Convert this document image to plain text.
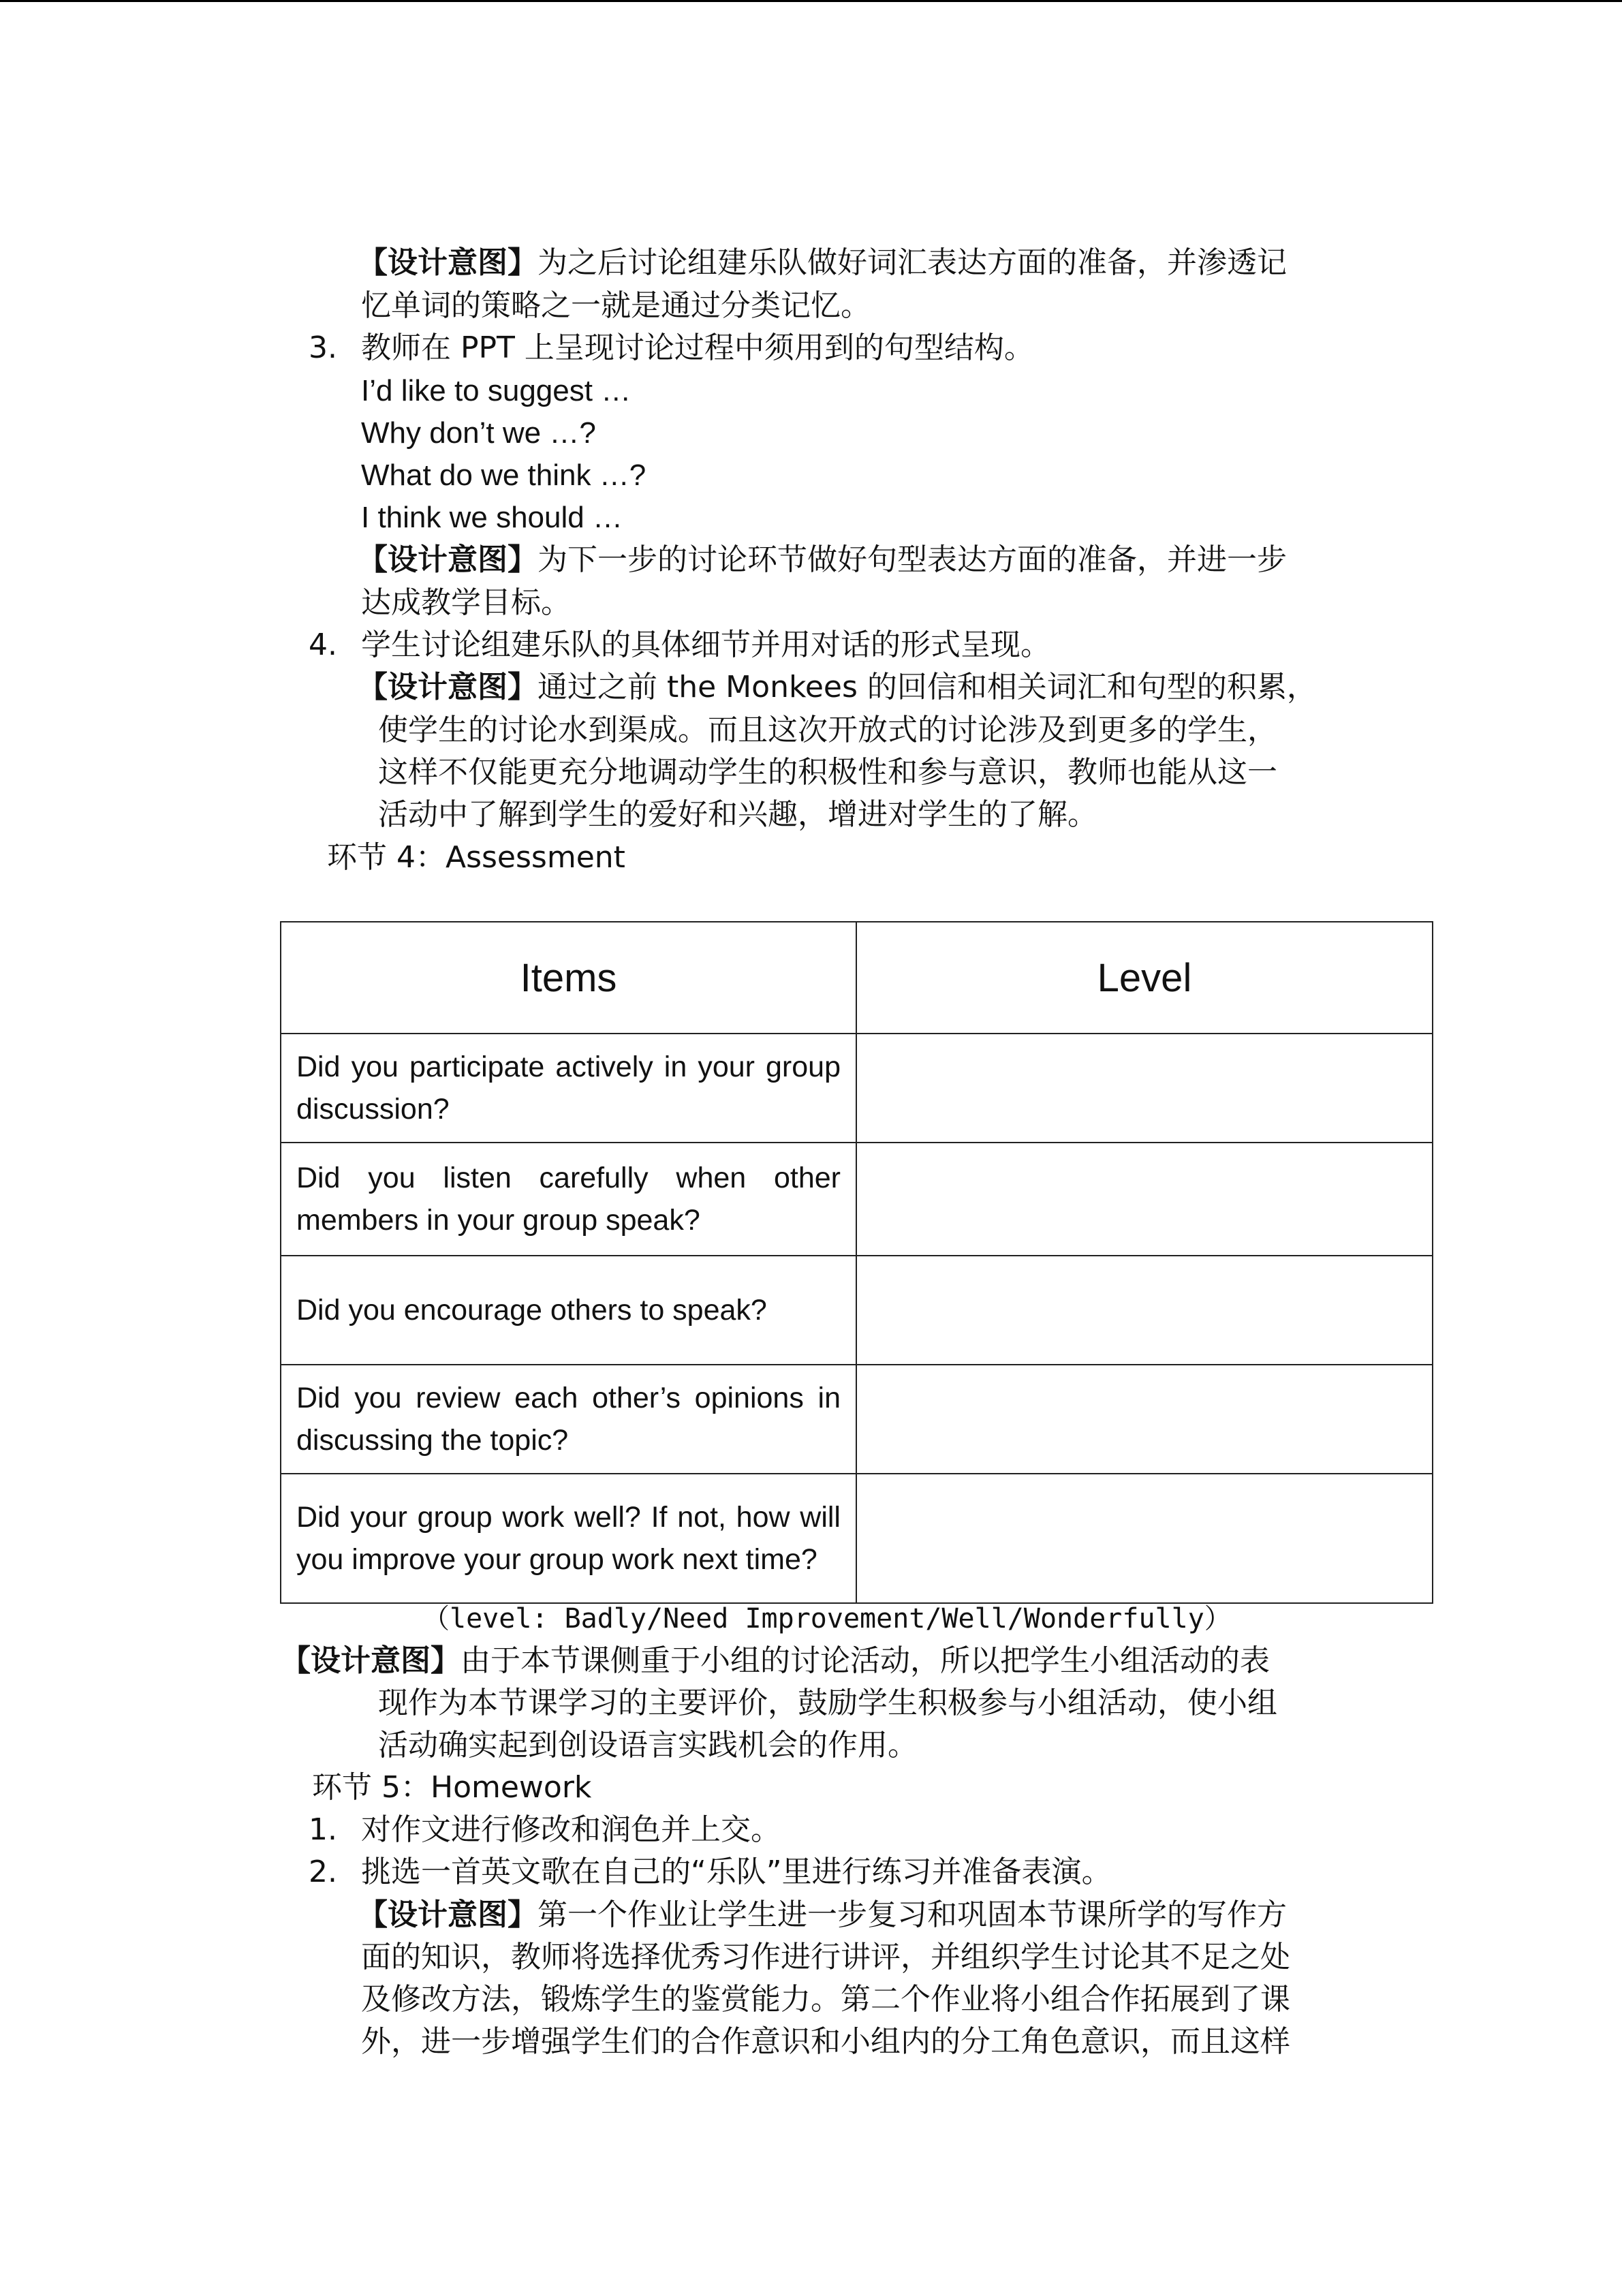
【设计意图】为之后讨论组建乐队做好词汇表达方面的准备，并渗透记
忆单词的策略之一就是通过分类记忆。
3. 教师在 PPT 上呈现讨论过程中须用到的句型结构。
I’d like to suggest …
Why don’t we …?
What do we think …?
I think we should …
【设计意图】为下一步的讨论环节做好句型表达方面的准备，并进一步
达成教学目标。
4. 学生讨论组建乐队的具体细节并用对话的形式呈现。
【设计意图】通过之前 the Monkees 的回信和相关词汇和句型的积累，
使学生的讨论水到渠成。而且这次开放式的讨论涉及到更多的学生，
这样不仅能更充分地调动学生的积极性和参与意识，教师也能从这一
活动中了解到学生的爱好和兴趣，增进对学生的了解。
环节 4：Assessment
Items	Level
Did you participate actively in your group discussion?	
Did you listen carefully when other members in your group speak?	
Did you encourage others to speak?	
Did you review each other’s opinions in discussing the topic?	
Did your group work well? If not, how will you improve your group work next time?	
（level: Badly/Need Improvement/Well/Wonderfully）
【设计意图】由于本节课侧重于小组的讨论活动，所以把学生小组活动的表
现作为本节课学习的主要评价，鼓励学生积极参与小组活动，使小组
活动确实起到创设语言实践机会的作用。
环节 5：Homework
1. 对作文进行修改和润色并上交。
2. 挑选一首英文歌在自己的“乐队”里进行练习并准备表演。
【设计意图】第一个作业让学生进一步复习和巩固本节课所学的写作方
面的知识，教师将选择优秀习作进行讲评，并组织学生讨论其不足之处
及修改方法，锻炼学生的鉴赏能力。第二个作业将小组合作拓展到了课
外，进一步增强学生们的合作意识和小组内的分工角色意识，而且这样
